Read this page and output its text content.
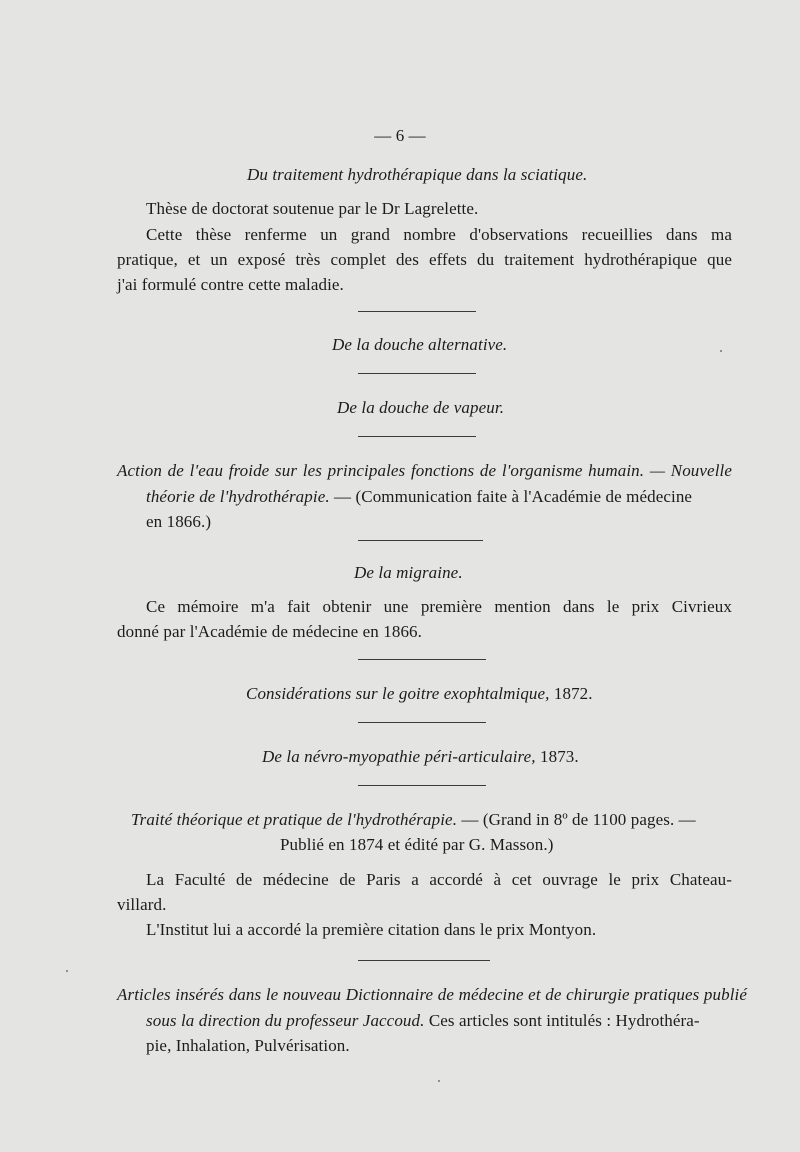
— 6 —
Du traitement hydrothérapique dans la sciatique.
Thèse de doctorat soutenue par le Dr Lagrelette.
Cette thèse renferme un grand nombre d'observations recueillies dans ma
pratique, et un exposé très complet des effets du traitement hydrothérapique que
j'ai formulé contre cette maladie.
De la douche alternative.
De la douche de vapeur.
Action de l'eau froide sur les principales fonctions de l'organisme humain. — Nouvelle
théorie de l'hydrothérapie. — (Communication faite à l'Académie de médecine
en 1866.)
De la migraine.
Ce mémoire m'a fait obtenir une première mention dans le prix Civrieux
donné par l'Académie de médecine en 1866.
Considérations sur le goitre exophtalmique, 1872.
De la névro-myopathie péri-articulaire, 1873.
Traité théorique et pratique de l'hydrothérapie. — (Grand in 8º de 1100 pages. —
Publié en 1874 et édité par G. Masson.)
La Faculté de médecine de Paris a accordé à cet ouvrage le prix Chateau-
villard.
L'Institut lui a accordé la première citation dans le prix Montyon.
Articles insérés dans le nouveau Dictionnaire de médecine et de chirurgie pratiques publié
sous la direction du professeur Jaccoud. Ces articles sont intitulés : Hydrothéra-
pie, Inhalation, Pulvérisation.
